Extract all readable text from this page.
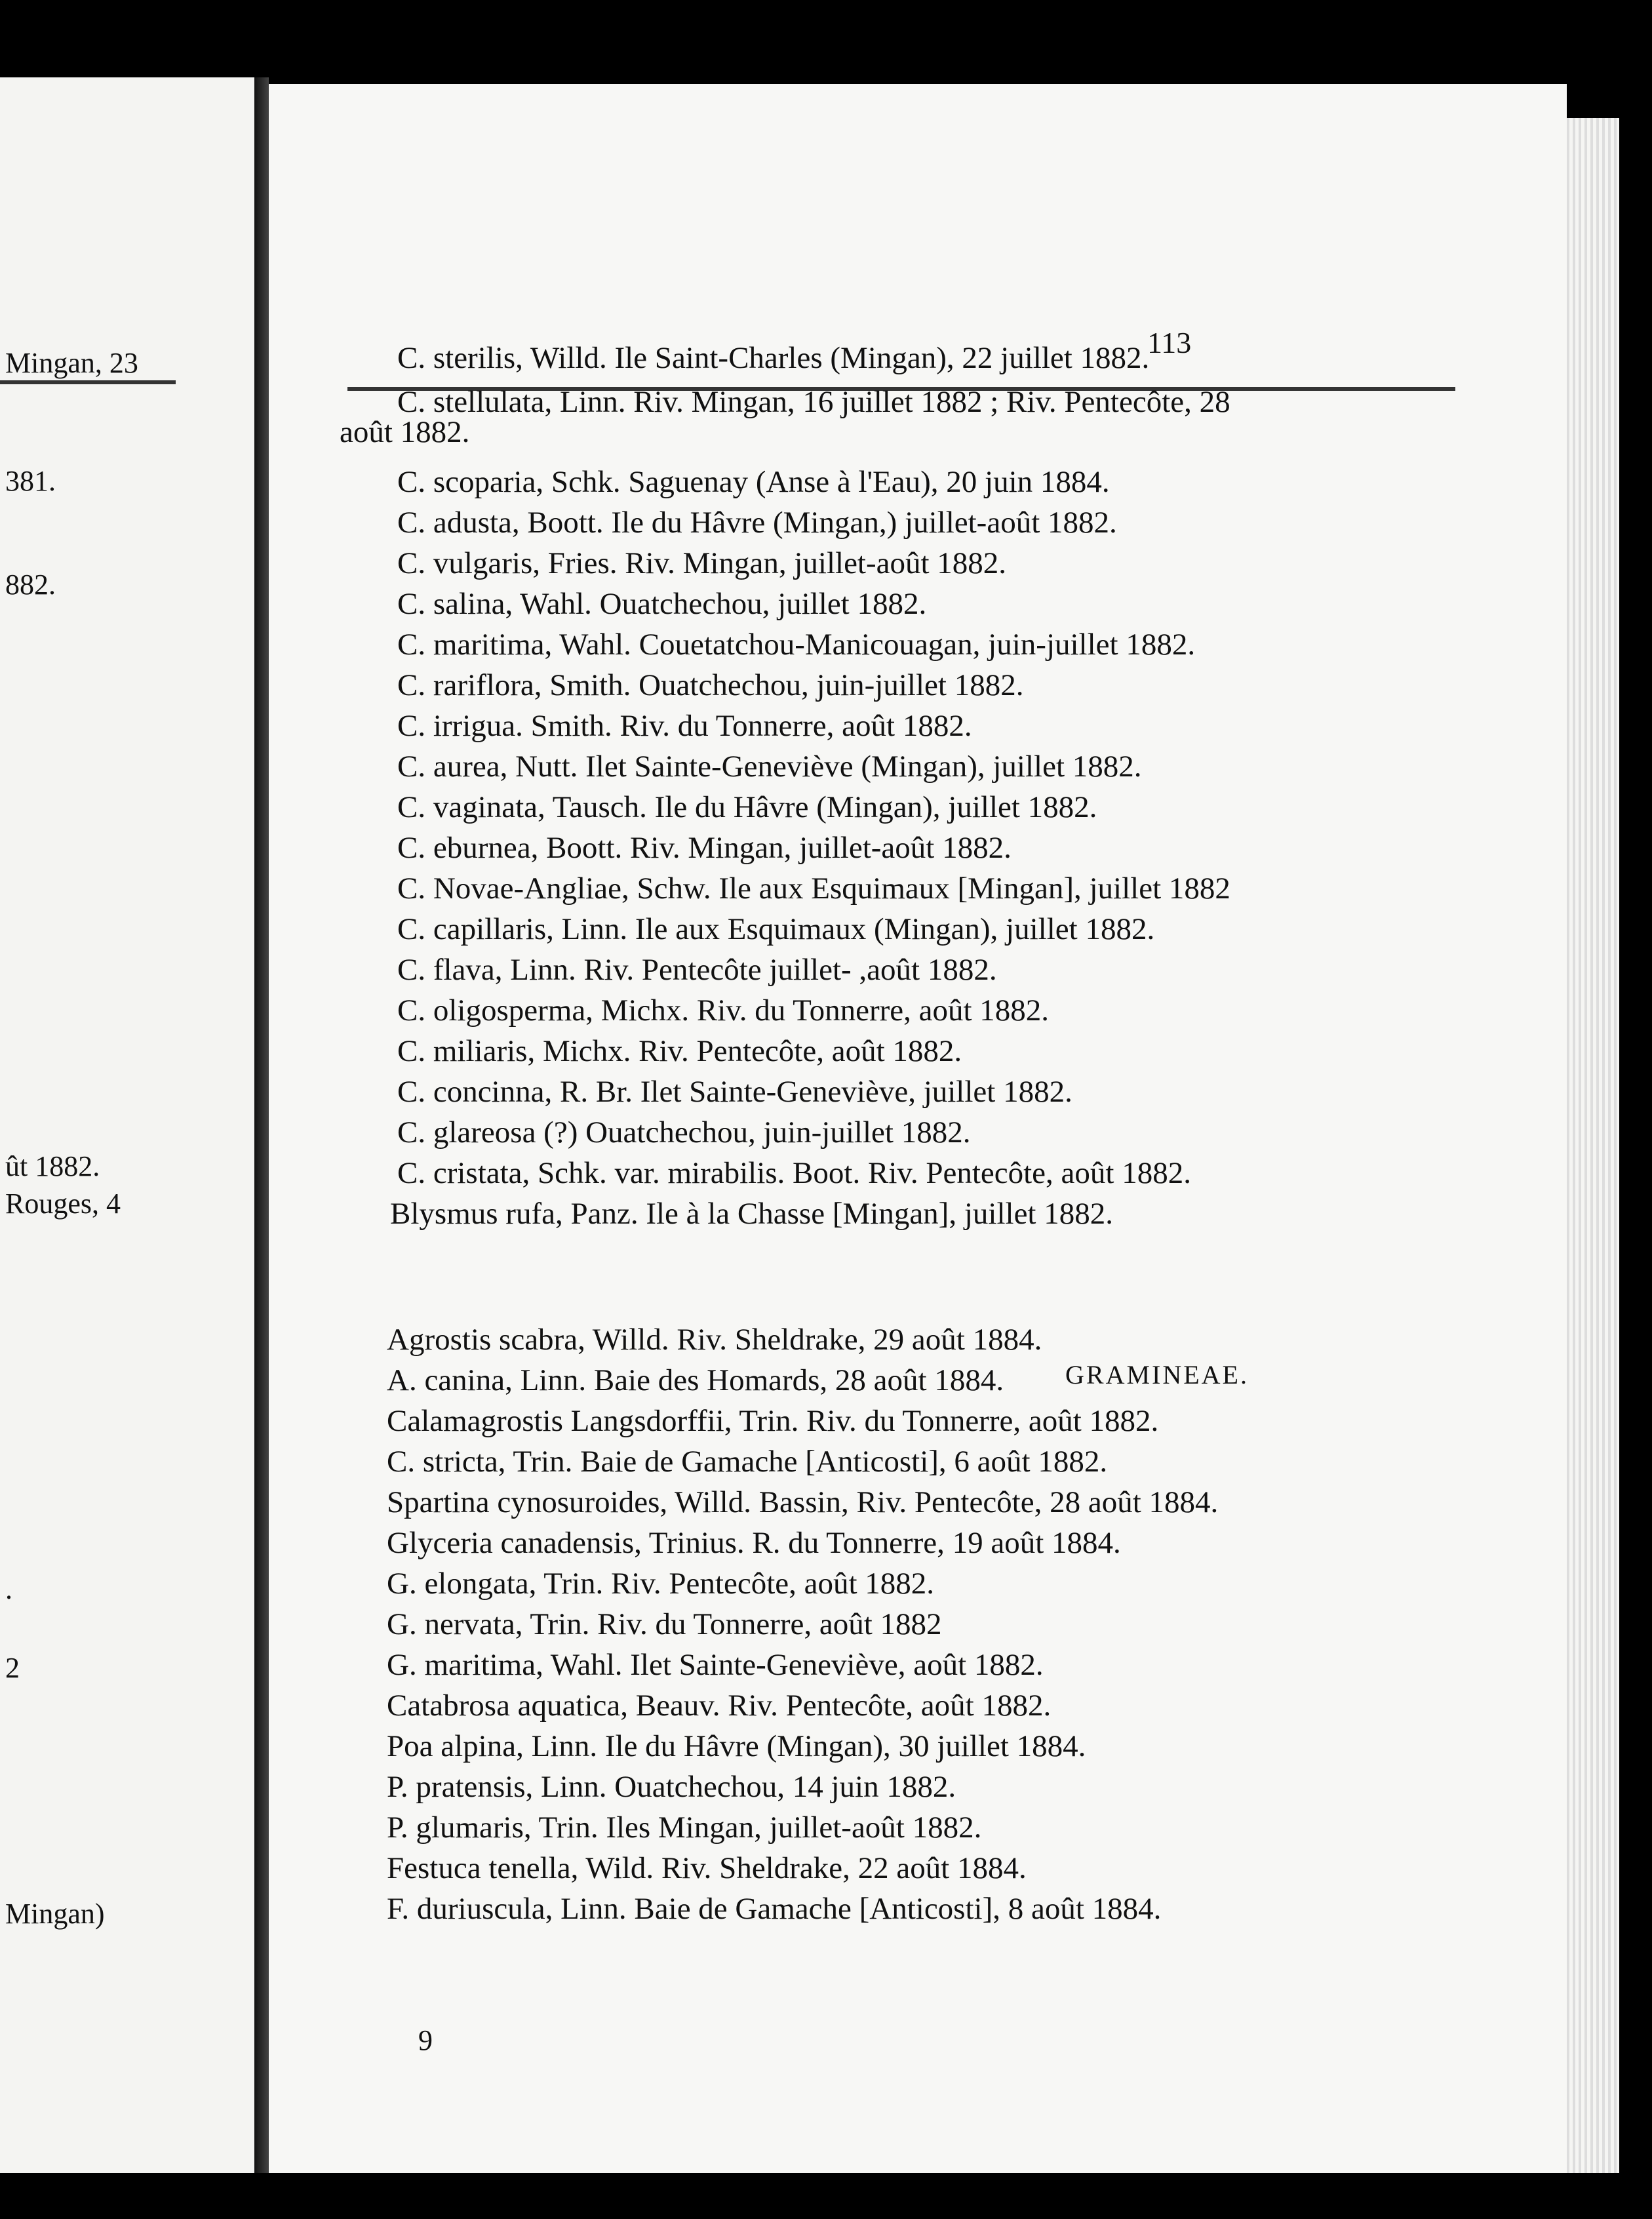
Mingan, 23
381.
882.
ût 1882.
Rouges, 4
.
2
Mingan)
113
C. sterilis, Willd. Ile Saint-Charles (Mingan), 22 juillet 1882.
C. stellulata, Linn. Riv. Mingan, 16 juillet 1882 ; Riv. Pentecôte, 28
août 1882.
C. scoparia, Schk. Saguenay (Anse à l'Eau), 20 juin 1884.
C. adusta, Boott. Ile du Hâvre (Mingan,) juillet-août 1882.
C. vulgaris, Fries. Riv. Mingan, juillet-août 1882.
C. salina, Wahl. Ouatchechou, juillet 1882.
C. maritima, Wahl. Couetatchou-Manicouagan, juin-juillet 1882.
C. rariflora, Smith. Ouatchechou, juin-juillet 1882.
C. irrigua. Smith. Riv. du Tonnerre, août 1882.
C. aurea, Nutt. Ilet Sainte-Geneviève (Mingan), juillet 1882.
C. vaginata, Tausch. Ile du Hâvre (Mingan), juillet 1882.
C. eburnea, Boott. Riv. Mingan, juillet-août 1882.
C. Novae-Angliae, Schw. Ile aux Esquimaux [Mingan], juillet 1882
C. capillaris, Linn. Ile aux Esquimaux (Mingan), juillet 1882.
C. flava, Linn. Riv. Pentecôte juillet- ,août 1882.
C. oligosperma, Michx. Riv. du Tonnerre, août 1882.
C. miliaris, Michx. Riv. Pentecôte, août 1882.
C. concinna, R. Br. Ilet Sainte-Geneviève, juillet 1882.
C. glareosa (?) Ouatchechou, juin-juillet 1882.
C. cristata, Schk. var. mirabilis. Boot. Riv. Pentecôte, août 1882.
Blysmus rufa, Panz. Ile à la Chasse [Mingan], juillet 1882.
GRAMINEAE.
Agrostis scabra, Willd. Riv. Sheldrake, 29 août 1884.
A. canina, Linn. Baie des Homards, 28 août 1884.
Calamagrostis Langsdorffii, Trin. Riv. du Tonnerre, août 1882.
C. stricta, Trin. Baie de Gamache [Anticosti], 6 août 1882.
Spartina cynosuroides, Willd. Bassin, Riv. Pentecôte, 28 août 1884.
Glyceria canadensis, Trinius. R. du Tonnerre, 19 août 1884.
G. elongata, Trin. Riv. Pentecôte, août 1882.
G. nervata, Trin. Riv. du Tonnerre, août 1882
G. maritima, Wahl. Ilet Sainte-Geneviève, août 1882.
Catabrosa aquatica, Beauv. Riv. Pentecôte, août 1882.
Poa alpina, Linn. Ile du Hâvre (Mingan), 30 juillet 1884.
P. pratensis, Linn. Ouatchechou, 14 juin 1882.
P. glumaris, Trin. Iles Mingan, juillet-août 1882.
Festuca tenella, Wild. Riv. Sheldrake, 22 août 1884.
F. duriuscula, Linn. Baie de Gamache [Anticosti], 8 août 1884.
9
